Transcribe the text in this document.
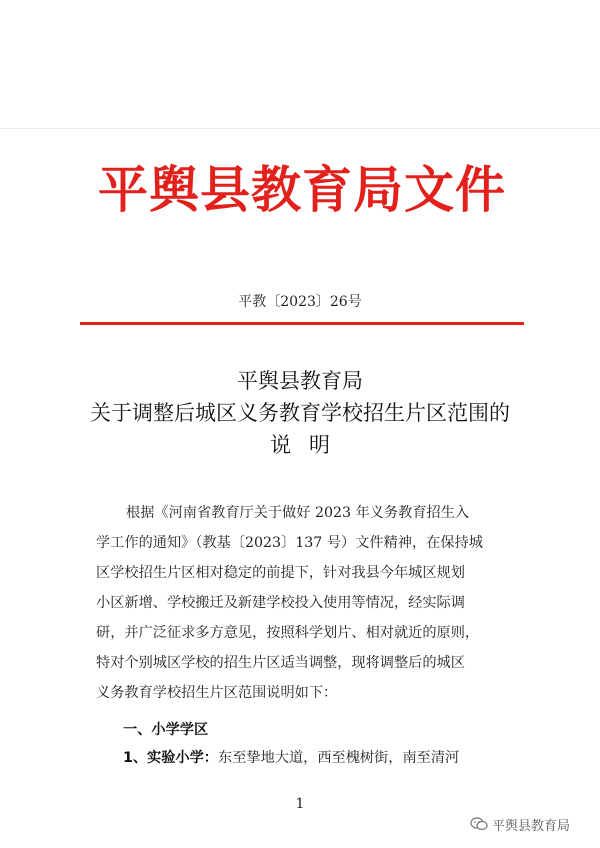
平舆县教育局文件
平教〔2023〕26号
平舆县教育局
关于调整后城区义务教育学校招生片区范围的
说明
根据《河南省教育厅关于做好 2023 年义务教育招生入
学工作的通知》（教基〔2023〕137 号）文件精神，在保持城
区学校招生片区相对稳定的前提下，针对我县今年城区规划
小区新增、学校搬迁及新建学校投入使用等情况，经实际调
研，并广泛征求多方意见，按照科学划片、相对就近的原则，
特对个别城区学校的招生片区适当调整，现将调整后的城区
义务教育学校招生片区范围说明如下：
一、小学学区
1、实验小学：东至挚地大道，西至槐树街，南至清河
1
平舆县教育局
